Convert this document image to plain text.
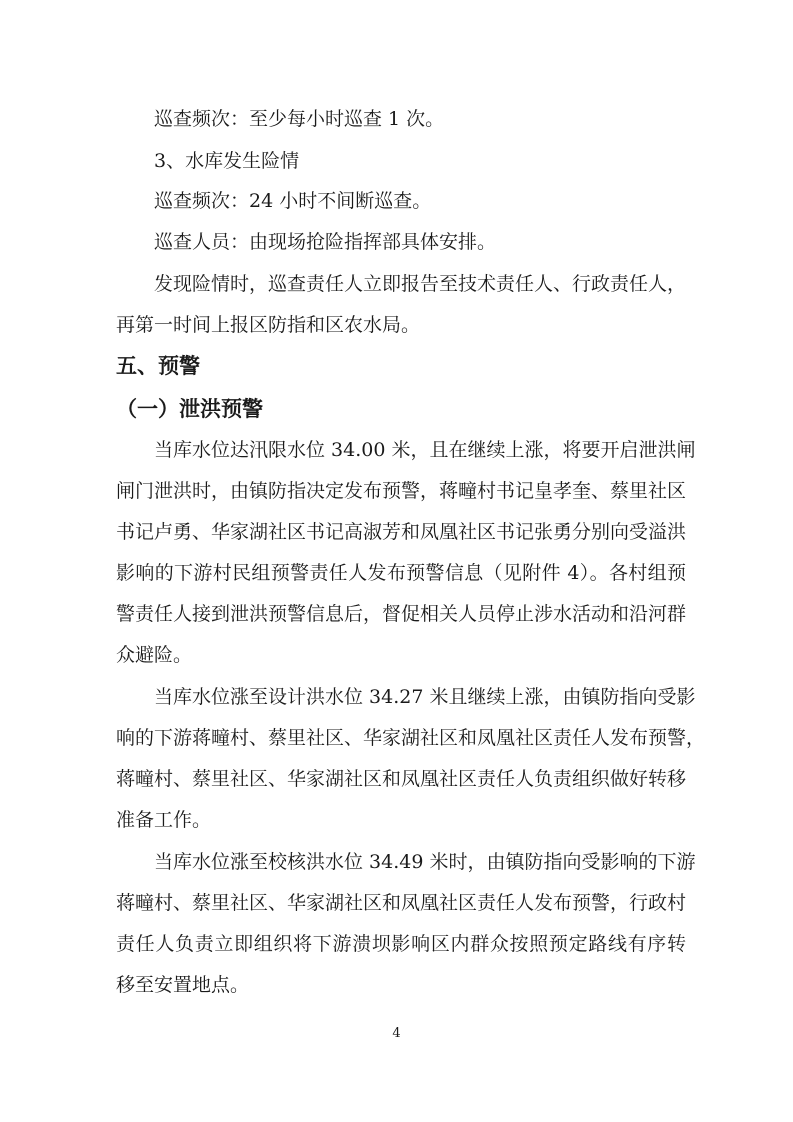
巡查频次：至少每小时巡查 1 次。
3、水库发生险情
巡查频次：24 小时不间断巡查。
巡查人员：由现场抢险指挥部具体安排。
发现险情时，巡查责任人立即报告至技术责任人、行政责任人，
再第一时间上报区防指和区农水局。
五、预警
（一）泄洪预警
当库水位达汛限水位 34.00 米，且在继续上涨，将要开启泄洪闸
闸门泄洪时，由镇防指决定发布预警，蒋疃村书记皇孝奎、蔡里社区
书记卢勇、华家湖社区书记高淑芳和凤凰社区书记张勇分别向受溢洪
影响的下游村民组预警责任人发布预警信息（见附件 4）。各村组预
警责任人接到泄洪预警信息后，督促相关人员停止涉水活动和沿河群
众避险。
当库水位涨至设计洪水位 34.27 米且继续上涨，由镇防指向受影
响的下游蒋疃村、蔡里社区、华家湖社区和凤凰社区责任人发布预警，
蒋疃村、蔡里社区、华家湖社区和凤凰社区责任人负责组织做好转移
准备工作。
当库水位涨至校核洪水位 34.49 米时，由镇防指向受影响的下游
蒋疃村、蔡里社区、华家湖社区和凤凰社区责任人发布预警，行政村
责任人负责立即组织将下游溃坝影响区内群众按照预定路线有序转
移至安置地点。
4
